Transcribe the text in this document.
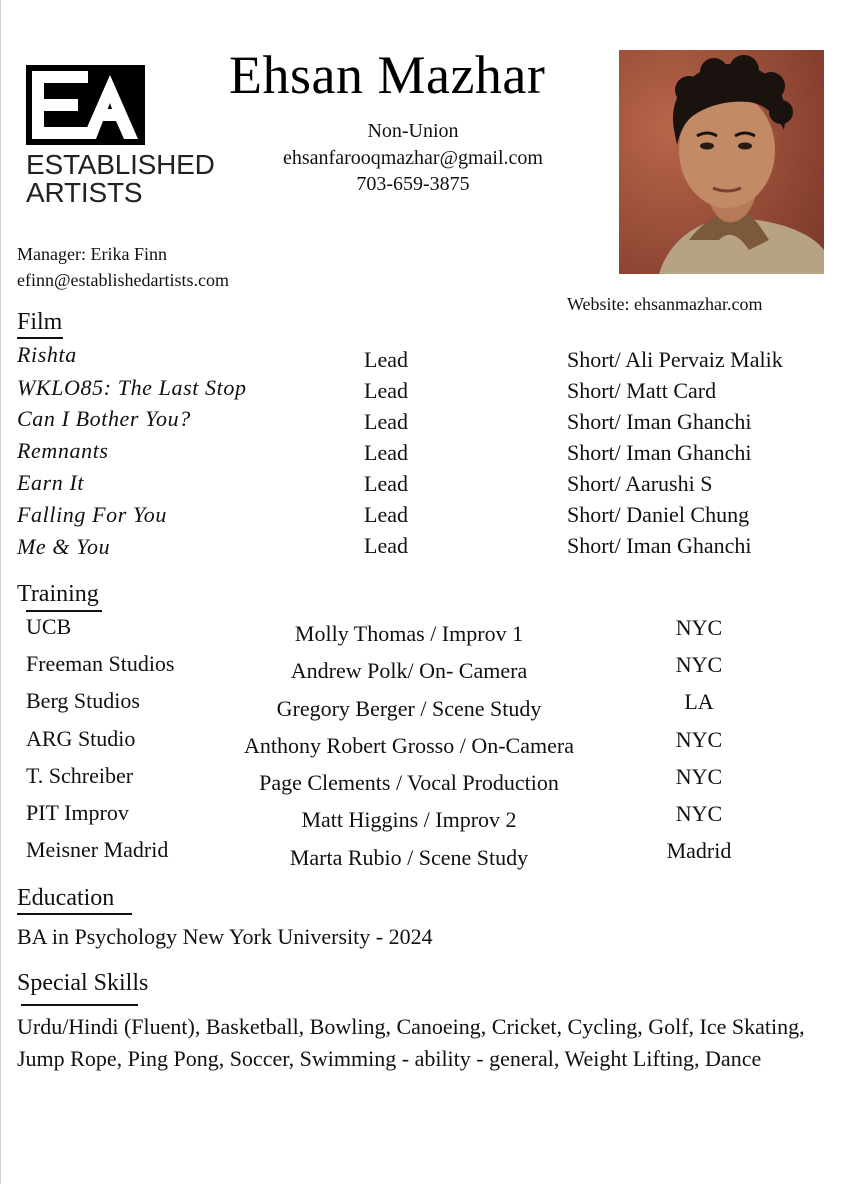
ESTABLISHED
ARTISTS
Ehsan Mazhar
Non-Union
ehsanfarooqmazhar@gmail.com
703-659-3875
Manager: Erika Finn
efinn@establishedartists.com
Website: ehsanmazhar.com
Film
Rishta	Lead	Short/ Ali Pervaiz Malik
WKLO85: The Last Stop	Lead	Short/ Matt Card
Can I Bother You?	Lead	Short/ Iman Ghanchi
Remnants	Lead	Short/ Iman Ghanchi
Earn It	Lead	Short/ Aarushi S
Falling For You	Lead	Short/ Daniel Chung
Me & You	Lead	Short/ Iman Ghanchi
Training
UCB	Molly Thomas / Improv 1	NYC
Freeman Studios	Andrew Polk/ On- Camera	NYC
Berg Studios	Gregory Berger / Scene Study	LA
ARG Studio	Anthony Robert Grosso / On-Camera	NYC
T. Schreiber	Page Clements / Vocal Production	NYC
PIT Improv	Matt Higgins / Improv 2	NYC
Meisner Madrid	Marta Rubio / Scene Study	Madrid
Education
BA in Psychology New York University - 2024
Special Skills
Urdu/Hindi (Fluent), Basketball, Bowling, Canoeing, Cricket, Cycling, Golf, Ice Skating, Jump Rope, Ping Pong, Soccer, Swimming - ability - general, Weight Lifting, Dance
